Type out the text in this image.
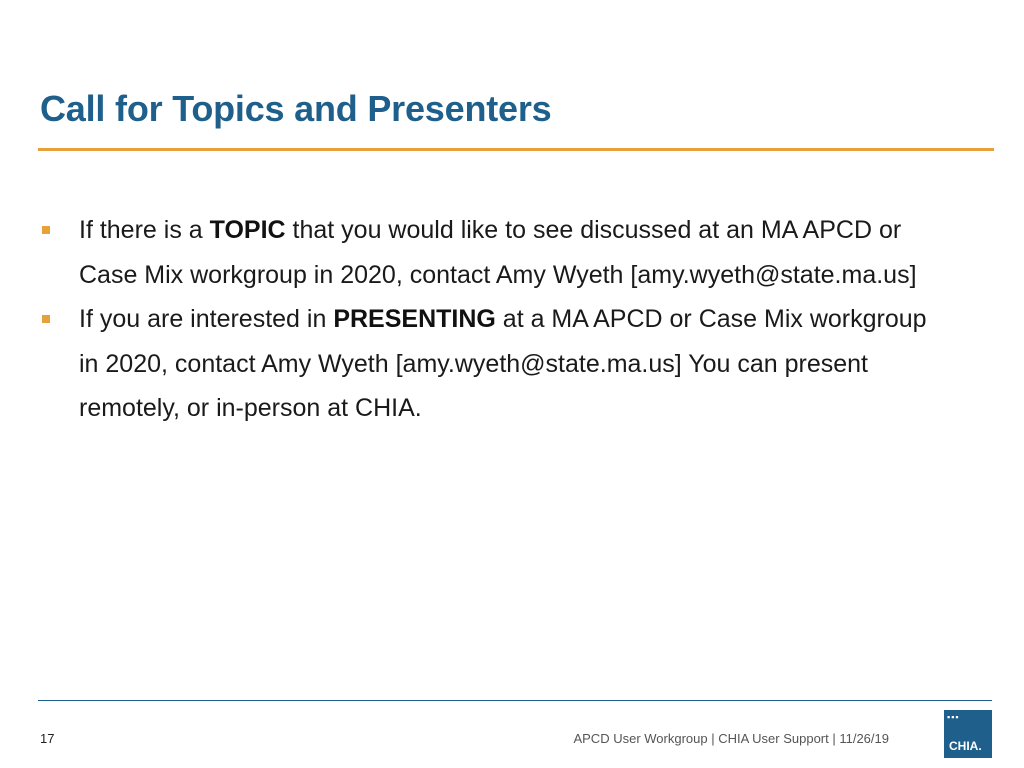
Call for Topics and Presenters
If there is a TOPIC that you would like to see discussed at an MA APCD or Case Mix workgroup in 2020, contact Amy Wyeth [amy.wyeth@state.ma.us]
If you are interested in PRESENTING at a MA APCD or Case Mix workgroup in 2020, contact Amy Wyeth [amy.wyeth@state.ma.us] You can present remotely, or in-person at CHIA.
17	APCD User Workgroup | CHIA User Support | 11/26/19
▪▪▪
CHIA.
